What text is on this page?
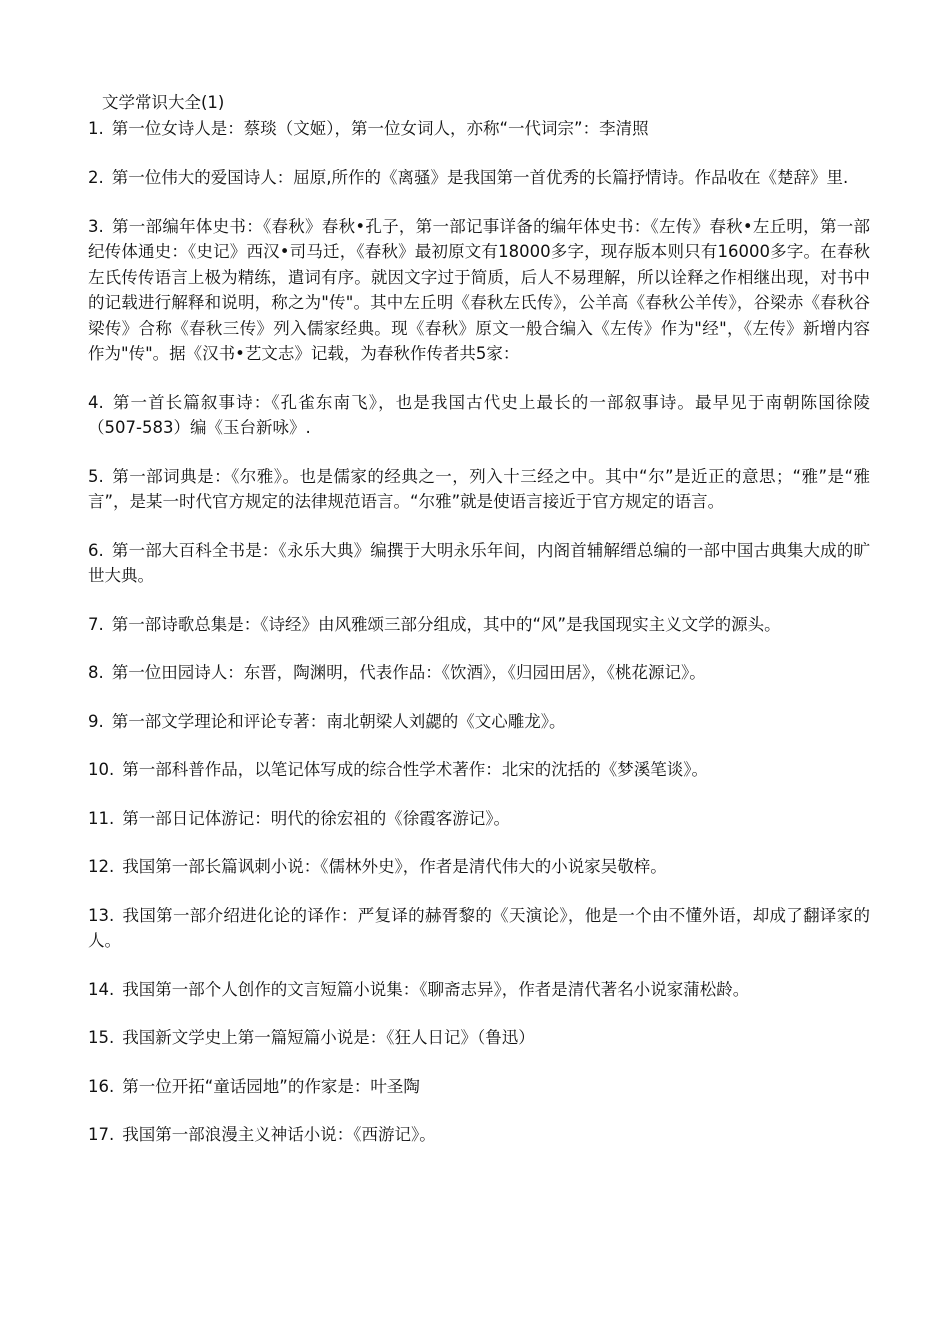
文学常识大全(1)

1. 第一位女诗人是：蔡琰（文姬），第一位女词人，亦称“一代词宗”：李清照

2. 第一位伟大的爱国诗人：屈原,所作的《离骚》是我国第一首优秀的长篇抒情诗。作品收在《楚辞》里.

3. 第一部编年体史书：《春秋》春秋•孔子，第一部记事详备的编年体史书：《左传》春秋•左丘明，第一部纪传体通史：《史记》西汉•司马迁，《春秋》最初原文有18000多字，现存版本则只有16000多字。在春秋左氏传传语言上极为精练，遣词有序。就因文字过于简质，后人不易理解，所以诠释之作相继出现，对书中的记载进行解释和说明，称之为"传"。其中左丘明《春秋左氏传》，公羊高《春秋公羊传》，谷梁赤《春秋谷梁传》合称《春秋三传》列入儒家经典。现《春秋》原文一般合编入《左传》作为"经"，《左传》新增内容作为"传"。据《汉书•艺文志》记载，为春秋作传者共5家：

4. 第一首长篇叙事诗：《孔雀东南飞》，也是我国古代史上最长的一部叙事诗。最早见于南朝陈国徐陵（507-583）编《玉台新咏》.

5. 第一部词典是：《尔雅》。也是儒家的经典之一，列入十三经之中。其中“尔”是近正的意思；“雅”是“雅言”，是某一时代官方规定的法律规范语言。“尔雅”就是使语言接近于官方规定的语言。

6. 第一部大百科全书是：《永乐大典》编撰于大明永乐年间，内阁首辅解缙总编的一部中国古典集大成的旷世大典。

7. 第一部诗歌总集是：《诗经》由风雅颂三部分组成，其中的“风”是我国现实主义文学的源头。

8. 第一位田园诗人：东晋，陶渊明，代表作品：《饮酒》，《归园田居》，《桃花源记》。

9. 第一部文学理论和评论专著：南北朝梁人刘勰的《文心雕龙》。

10. 第一部科普作品，以笔记体写成的综合性学术著作：北宋的沈括的《梦溪笔谈》。

11. 第一部日记体游记：明代的徐宏祖的《徐霞客游记》。

12. 我国第一部长篇讽刺小说：《儒林外史》，作者是清代伟大的小说家吴敬梓。

13. 我国第一部介绍进化论的译作：严复译的赫胥黎的《天演论》，他是一个由不懂外语，却成了翻译家的人。

14. 我国第一部个人创作的文言短篇小说集：《聊斋志异》，作者是清代著名小说家蒲松龄。

15. 我国新文学史上第一篇短篇小说是：《狂人日记》（鲁迅）

16. 第一位开拓“童话园地”的作家是：叶圣陶

17. 我国第一部浪漫主义神话小说：《西游记》。
